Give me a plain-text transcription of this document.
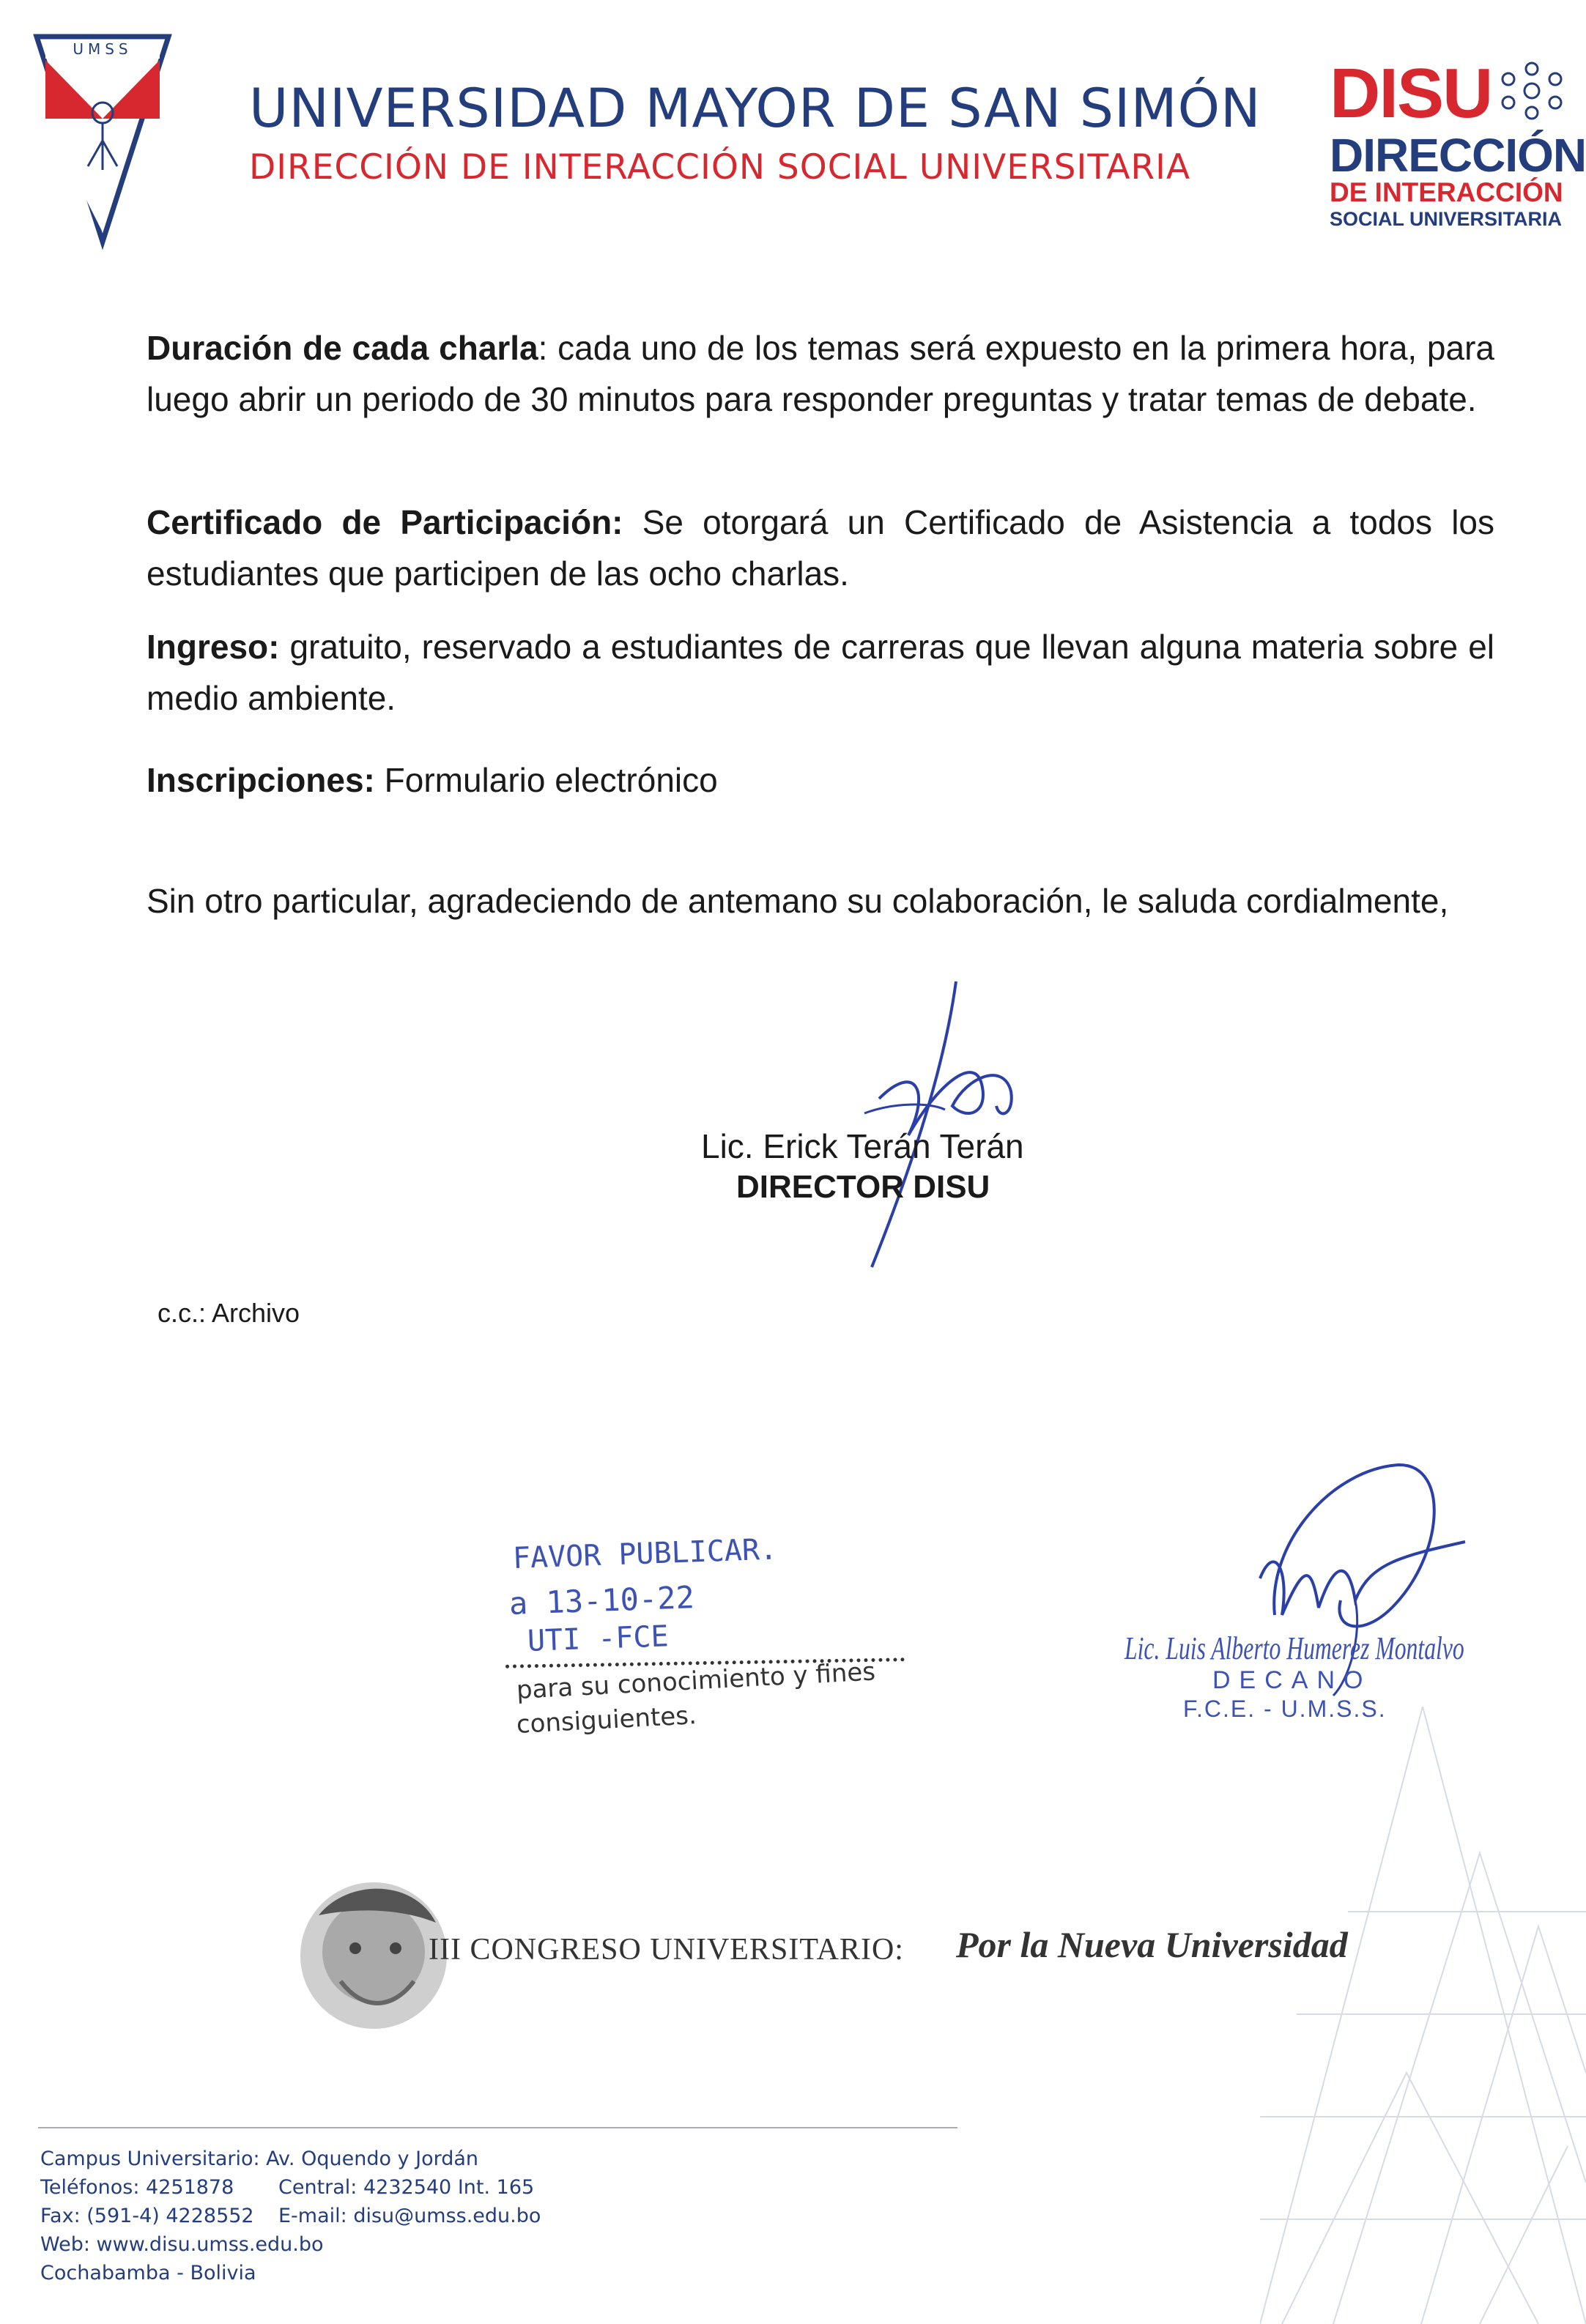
UMSS
UNIVERSIDAD MAYOR DE SAN SIMÓN
DIRECCIÓN DE INTERACCIÓN SOCIAL UNIVERSITARIA
DISU
DIRECCIÓN
DE INTERACCIÓN
SOCIAL UNIVERSITARIA
Duración de cada charla: cada uno de los temas será expuesto en la primera hora, para luego abrir un periodo de 30 minutos para responder preguntas y tratar temas de debate.
Certificado de Participación: Se otorgará un Certificado de Asistencia a todos los estudiantes que participen de las ocho charlas.
Ingreso: gratuito, reservado a estudiantes de carreras que llevan alguna materia sobre el medio ambiente.
Inscripciones: Formulario electrónico
Sin otro particular, agradeciendo de antemano su colaboración, le saluda cordialmente,
Lic. Erick Terán Terán
DIRECTOR DISU
c.c.: Archivo
FAVOR PUBLICAR.
a 13-10-22
UTI -FCE
para su conocimiento y fines
consiguientes.
Lic. Luis Alberto Humerez Montalvo
DECANO
F.C.E. - U.M.S.S.
III CONGRESO UNIVERSITARIO: Por la Nueva Universidad
Campus Universitario: Av. Oquendo y Jordán
Teléfonos: 4251878 Central: 4232540 Int. 165
Fax: (591-4) 4228552 E-mail: disu@umss.edu.bo
Web: www.disu.umss.edu.bo
Cochabamba - Bolivia
